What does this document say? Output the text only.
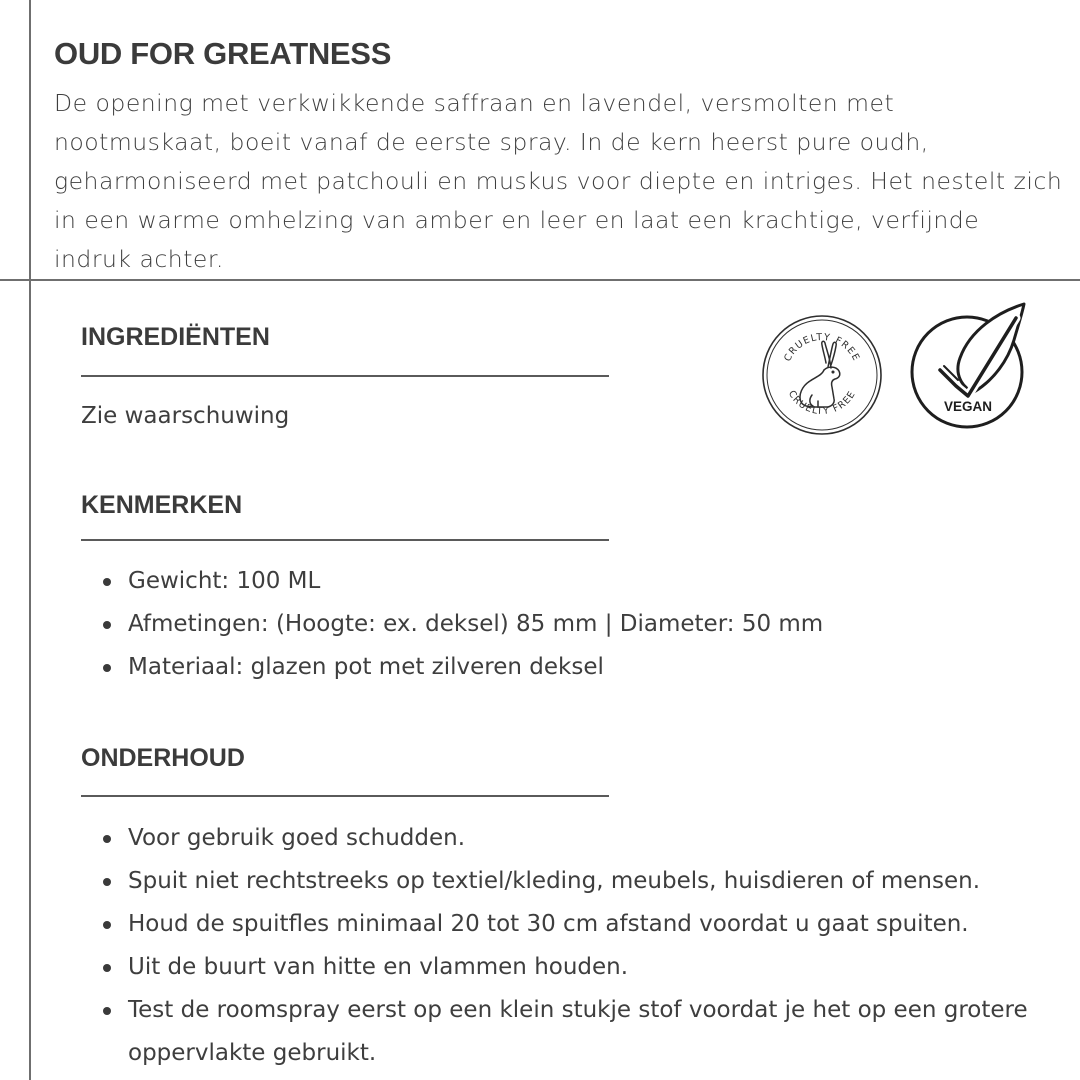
OUD FOR GREATNESS
De opening met verkwikkende saffraan en lavendel, versmolten met nootmuskaat, boeit vanaf de eerste spray. In de kern heerst pure oudh, geharmoniseerd met patchouli en muskus voor diepte en intriges. Het nestelt zich in een warme omhelzing van amber en leer en laat een krachtige, verfijnde indruk achter.
INGREDIËNTEN
Zie waarschuwing
KENMERKEN
Gewicht: 100 ML
Afmetingen: (Hoogte: ex. deksel) 85 mm | Diameter: 50 mm
Materiaal: glazen pot met zilveren deksel
ONDERHOUD
Voor gebruik goed schudden.
Spuit niet rechtstreeks op textiel/kleding, meubels, huisdieren of mensen.
Houd de spuitfles minimaal 20 tot 30 cm afstand voordat u gaat spuiten.
Uit de buurt van hitte en vlammen houden.
Test de roomspray eerst op een klein stukje stof voordat je het op een grotere oppervlakte gebruikt.
CRUELTY FREE
CRUELTY FREE
VEGAN
